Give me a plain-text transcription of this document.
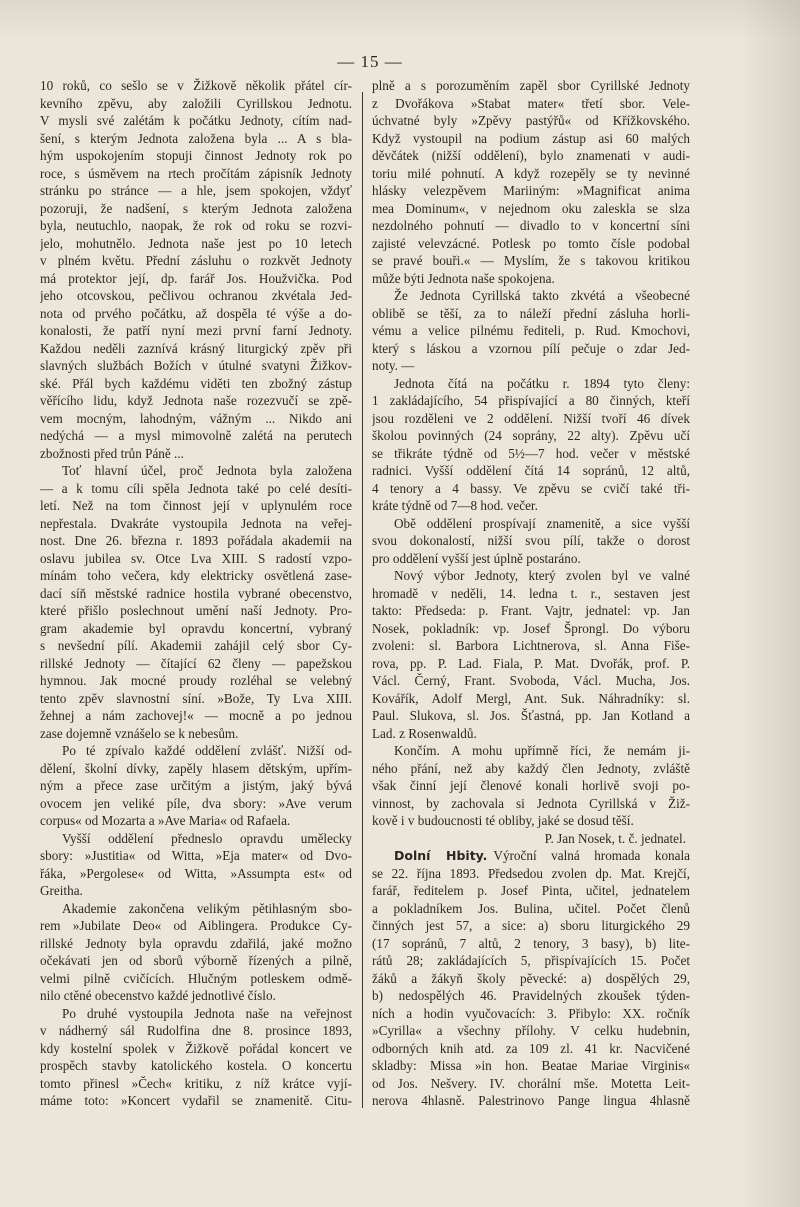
— 15 —
10 roků, co sešlo se v Žižkově několik přátel cír-
kevního zpěvu, aby založili Cyrillskou Jednotu.
V mysli své zalétám k počátku Jednoty, cítím nad-
šení, s kterým Jednota založena byla ... A s bla-
hým uspokojením stopuji činnost Jednoty rok po
roce, s úsměvem na rtech pročítám zápisník Jednoty
stránku po stránce — a hle, jsem spokojen, vždyť
pozoruji, že nadšení, s kterým Jednota založena
byla, neutuchlo, naopak, že rok od roku se rozvi-
jelo, mohutnělo. Jednota naše jest po 10 letech
v plném květu. Přední zásluhu o rozkvět Jednoty
má protektor její, dp. farář Jos. Houžvička. Pod
jeho otcovskou, pečlivou ochranou zkvétala Jed-
nota od prvého počátku, až dospěla té výše a do-
konalosti, že patří nyní mezi první farní Jednoty.
Každou neděli zaznívá krásný liturgický zpěv při
slavných službách Božích v útulné svatyni Žižkov-
ské. Přál bych každému viděti ten zbožný zástup
věřícího lidu, když Jednota naše rozezvučí se zpě-
vem mocným, lahodným, vážným ... Nikdo ani
nedýchá — a mysl mimovolně zalétá na perutech
zbožnosti před trůn Páně ...
Toť hlavní účel, proč Jednota byla založena
— a k tomu cíli spěla Jednota také po celé desíti-
letí. Než na tom činnost její v uplynulém roce
nepřestala. Dvakráte vystoupila Jednota na veřej-
nost. Dne 26. března r. 1893 pořádala akademii na
oslavu jubilea sv. Otce Lva XIII. S radostí vzpo-
mínám toho večera, kdy elektricky osvětlená zase-
dací síň městské radnice hostila vybrané obecenstvo,
které přišlo poslechnout umění naší Jednoty. Pro-
gram akademie byl opravdu koncertní, vybraný
s nevšední pílí. Akademii zahájil celý sbor Cy-
rillské Jednoty — čítající 62 členy — papežskou
hymnou. Jak mocné proudy rozléhal se velebný
tento zpěv slavnostní síní. »Bože, Ty Lva XIII.
žehnej a nám zachovej!« — mocně a po jednou
zase dojemně vznášelo se k nebesům.
Po té zpívalo každé oddělení zvlášť. Nižší od-
dělení, školní dívky, zapěly hlasem dětským, upřím-
ným a přece zase určitým a jistým, jaký bývá
ovocem jen veliké píle, dva sbory: »Ave verum
corpus« od Mozarta a »Ave Maria« od Rafaela.
Vyšší oddělení předneslo opravdu umělecky
sbory: »Justitia« od Witta, »Eja mater« od Dvo-
řáka, »Pergolese« od Witta, »Assumpta est« od
Greitha.
Akademie zakončena velikým pětihlasným sbo-
rem »Jubilate Deo« od Aiblingera. Produkce Cy-
rillské Jednoty byla opravdu zdařilá, jaké možno
očekávati jen od sborů výborně řízených a pilně,
velmi pilně cvičících. Hlučným potleskem odmě-
nilo ctěné obecenstvo každé jednotlivé číslo.
Po druhé vystoupila Jednota naše na veřejnost
v nádherný sál Rudolfina dne 8. prosince 1893,
kdy kostelní spolek v Žižkově pořádal koncert ve
prospěch stavby katolického kostela. O koncertu
tomto přinesl »Čech« kritiku, z níž krátce vyjí-
máme toto: »Koncert vydařil se znamenitě. Citu-
plně a s porozuměním zapěl sbor Cyrillské Jednoty
z Dvořákova »Stabat mater« třetí sbor. Vele-
úchvatné byly »Zpěvy pastýřů« od Křížkovského.
Když vystoupil na podium zástup asi 60 malých
děvčátek (nižší oddělení), bylo znamenati v audi-
toriu milé pohnutí. A když rozepěly se ty nevinné
hlásky velezpěvem Mariiným: »Magnificat anima
mea Dominum«, v nejednom oku zaleskla se slza
nezdolného pohnutí — divadlo to v koncertní síni
zajisté velevzácné. Potlesk po tomto čísle podobal
se pravé bouři.« — Myslím, že s takovou kritikou
může býti Jednota naše spokojena.
Že Jednota Cyrillská takto zkvétá a všeobecné
oblibě se těší, za to náleží přední zásluha horli-
vému a velice pilnému řediteli, p. Rud. Kmochovi,
který s láskou a vzornou pílí pečuje o zdar Jed-
noty. —
Jednota čítá na počátku r. 1894 tyto členy:
1 zakládajícího, 54 přispívající a 80 činných, kteří
jsou rozděleni ve 2 oddělení. Nižší tvoří 46 dívek
školou povinných (24 soprány, 22 alty). Zpěvu učí
se třikráte týdně od 5½—7 hod. večer v městské
radnici. Vyšší oddělení čítá 14 sopránů, 12 altů,
4 tenory a 4 bassy. Ve zpěvu se cvičí také tři-
kráte týdně od 7—8 hod. večer.
Obě oddělení prospívají znamenitě, a sice vyšší
svou dokonalostí, nižší svou pílí, takže o dorost
pro oddělení vyšší jest úplně postaráno.
Nový výbor Jednoty, který zvolen byl ve valné
hromadě v neděli, 14. ledna t. r., sestaven jest
takto: Předseda: p. Frant. Vajtr, jednatel: vp. Jan
Nosek, pokladník: vp. Josef Šprongl. Do výboru
zvoleni: sl. Barbora Lichtnerova, sl. Anna Fiše-
rova, pp. P. Lad. Fiala, P. Mat. Dvořák, prof. P.
Václ. Černý, Frant. Svoboda, Václ. Mucha, Jos.
Kovářík, Adolf Mergl, Ant. Suk. Náhradníky: sl.
Paul. Slukova, sl. Jos. Šťastná, pp. Jan Kotland a
Lad. z Rosenwaldů.
Končím. A mohu upřímně říci, že nemám ji-
ného přání, než aby každý člen Jednoty, zvláště
však činní její členové konali horlivě svoji po-
vinnost, by zachovala si Jednota Cyrillská v Žiž-
kově i v budoucnosti té obliby, jaké se dosud těší.
P. Jan Nosek, t. č. jednatel.
Dolní Hbity. Výroční valná hromada konala
se 22. října 1893. Předsedou zvolen dp. Mat. Krejčí,
farář, ředitelem p. Josef Pinta, učitel, jednatelem
a pokladníkem Jos. Bulina, učitel. Počet členů
činných jest 57, a sice: a) sboru liturgického 29
(17 sopránů, 7 altů, 2 tenory, 3 basy), b) lite-
rátů 28; zakládajících 5, přispívajících 15. Počet
žáků a žákyň školy pěvecké: a) dospělých 29,
b) nedospělých 46. Pravidelných zkoušek týden-
ních a hodin vyučovacích: 3. Přibylo: XX. ročník
»Cyrilla« a všechny přílohy. V celku hudebnin,
odborných knih atd. za 109 zl. 41 kr. Nacvičené
skladby: Missa »in hon. Beatae Mariae Virginis«
od Jos. Nešvery. IV. chorální mše. Motetta Leit-
nerova 4hlasně. Palestrinovo Pange lingua 4hlasně
